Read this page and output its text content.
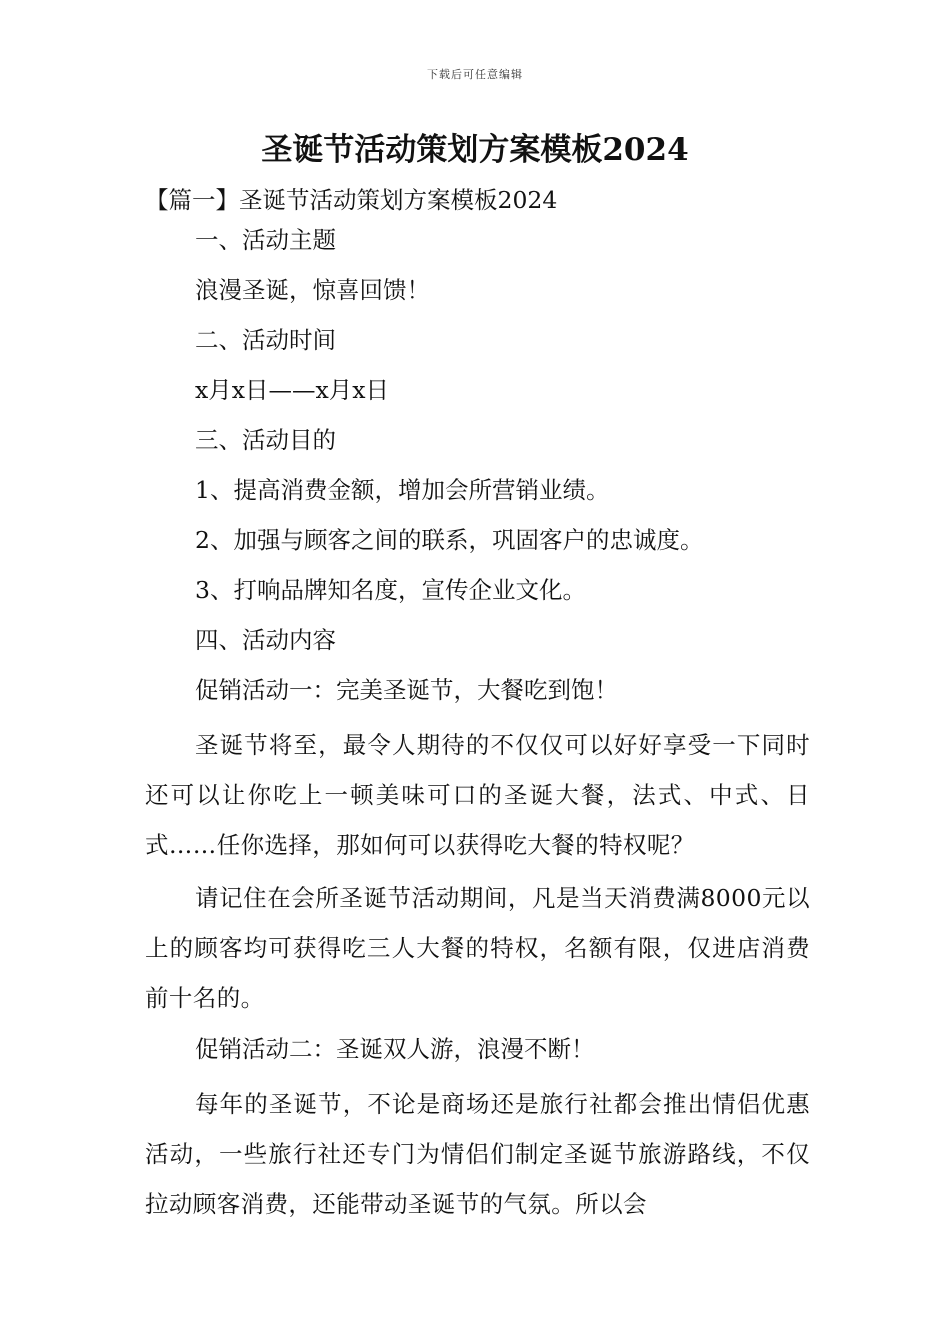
下载后可任意编辑
圣诞节活动策划方案模板2024

【篇一】圣诞节活动策划方案模板2024

一、活动主题

浪漫圣诞，惊喜回馈！

二、活动时间

x月x日——x月x日

三、活动目的

1、提高消费金额，增加会所营销业绩。

2、加强与顾客之间的联系，巩固客户的忠诚度。

3、打响品牌知名度，宣传企业文化。

四、活动内容

促销活动一：完美圣诞节，大餐吃到饱！

圣诞节将至，最令人期待的不仅仅可以好好享受一下同时还可以让你吃上一顿美味可口的圣诞大餐，法式、中式、日式……任你选择，那如何可以获得吃大餐的特权呢？

请记住在会所圣诞节活动期间，凡是当天消费满8000元以上的顾客均可获得吃三人大餐的特权，名额有限，仅进店消费前十名的。

促销活动二：圣诞双人游，浪漫不断！

每年的圣诞节，不论是商场还是旅行社都会推出情侣优惠活动，一些旅行社还专门为情侣们制定圣诞节旅游路线，不仅拉动顾客消费，还能带动圣诞节的气氛。所以会
